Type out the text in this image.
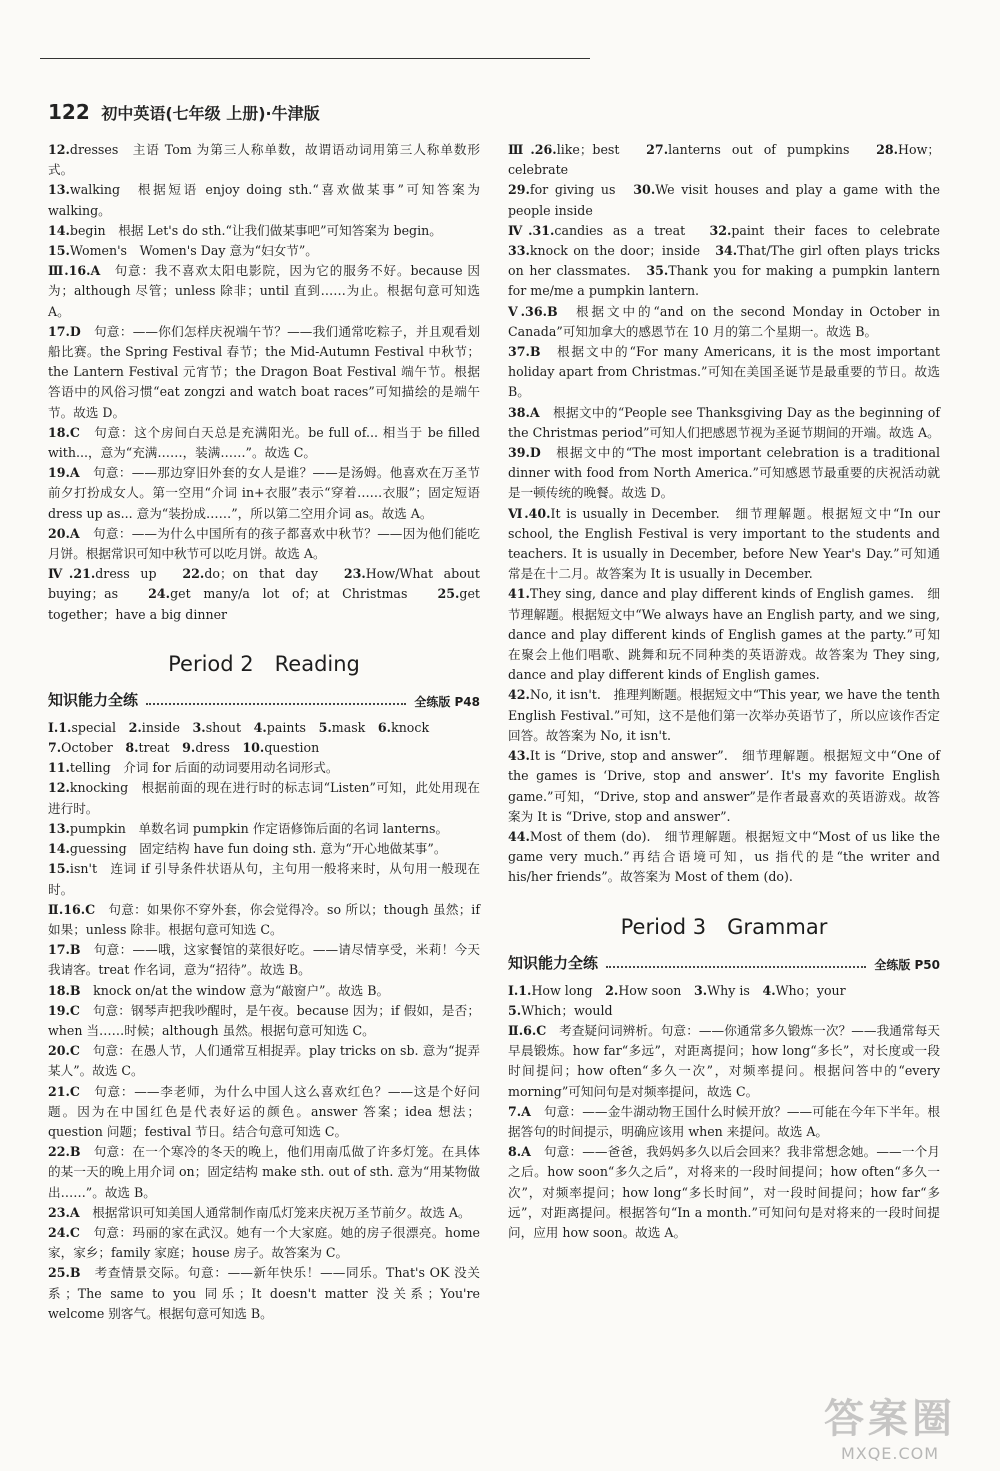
122 初中英语(七年级 上册)·牛津版
12.dresses　主语 Tom 为第三人称单数，故谓语动词用第三人称单数形式。
13.walking　根据短语 enjoy doing sth.“喜欢做某事”可知答案为 walking。
14.begin　根据 Let's do sth.“让我们做某事吧”可知答案为 begin。
15.Women's　Women's Day 意为“妇女节”。
Ⅲ.16.A　句意：我不喜欢太阳电影院，因为它的服务不好。because 因为；although 尽管；unless 除非；until 直到……为止。根据句意可知选 A。
17.D　句意：——你们怎样庆祝端午节？——我们通常吃粽子，并且观看划船比赛。the Spring Festival 春节；the Mid-Autumn Festival 中秋节；the Lantern Festival 元宵节；the Dragon Boat Festival 端午节。根据答语中的风俗习惯“eat zongzi and watch boat races”可知描绘的是端午节。故选 D。
18.C　句意：这个房间白天总是充满阳光。be full of... 相当于 be filled with...，意为“充满……，装满……”。故选 C。
19.A　句意：——那边穿旧外套的女人是谁？——是汤姆。他喜欢在万圣节前夕打扮成女人。第一空用“介词 in+衣服”表示“穿着……衣服”；固定短语 dress up as... 意为“装扮成……”，所以第二空用介词 as。故选 A。
20.A　句意：——为什么中国所有的孩子都喜欢中秋节？——因为他们能吃月饼。根据常识可知中秋节可以吃月饼。故选 A。
Ⅳ.21.dress up　22.do；on that day　23.How/What about buying；as　24.get many/a lot of；at Christmas　25.get together；have a big dinner
Period 2　Reading
知识能力全练	全练版 P48
Ⅰ.1.special　2.inside　3.shout　4.paints　5.mask　6.knock
7.October　8.treat　9.dress　10.question
11.telling　介词 for 后面的动词要用动名词形式。
12.knocking　根据前面的现在进行时的标志词“Listen”可知，此处用现在进行时。
13.pumpkin　单数名词 pumpkin 作定语修饰后面的名词 lanterns。
14.guessing　固定结构 have fun doing sth. 意为“开心地做某事”。
15.isn't　连词 if 引导条件状语从句，主句用一般将来时，从句用一般现在时。
Ⅱ.16.C　句意：如果你不穿外套，你会觉得冷。so 所以；though 虽然；if 如果；unless 除非。根据句意可知选 C。
17.B　句意：——哦，这家餐馆的菜很好吃。——请尽情享受，米莉！今天我请客。treat 作名词，意为“招待”。故选 B。
18.B　knock on/at the window 意为“敲窗户”。故选 B。
19.C　句意：钢琴声把我吵醒时，是午夜。because 因为；if 假如，是否；when 当……时候；although 虽然。根据句意可知选 C。
20.C　句意：在愚人节，人们通常互相捉弄。play tricks on sb. 意为“捉弄某人”。故选 C。
21.C　句意：——李老师，为什么中国人这么喜欢红色？——这是个好问题。因为在中国红色是代表好运的颜色。answer 答案；idea 想法；question 问题；festival 节日。结合句意可知选 C。
22.B　句意：在一个寒冷的冬天的晚上，他们用南瓜做了许多灯笼。在具体的某一天的晚上用介词 on；固定结构 make sth. out of sth. 意为“用某物做出……”。故选 B。
23.A　根据常识可知美国人通常制作南瓜灯笼来庆祝万圣节前夕。故选 A。
24.C　句意：玛丽的家在武汉。她有一个大家庭。她的房子很漂亮。home 家，家乡；family 家庭；house 房子。故答案为 C。
25.B　考查情景交际。句意：——新年快乐！——同乐。That's OK 没关系；The same to you 同乐；It doesn't matter 没关系；You're welcome 别客气。根据句意可知选 B。
Ⅲ.26.like；best　27.lanterns out of pumpkins　28.How；celebrate
29.for giving us　30.We visit houses and play a game with the people inside
Ⅳ.31.candies as a treat　32.paint their faces to celebrate　33.knock on the door；inside　34.That/The girl often plays tricks on her classmates.　35.Thank you for making a pumpkin lantern for me/me a pumpkin lantern.
Ⅴ.36.B　根据文中的“and on the second Monday in October in Canada”可知加拿大的感恩节在 10 月的第二个星期一。故选 B。
37.B　根据文中的“For many Americans, it is the most important holiday apart from Christmas.”可知在美国圣诞节是最重要的节日。故选 B。
38.A　根据文中的“People see Thanksgiving Day as the beginning of the Christmas period”可知人们把感恩节视为圣诞节期间的开端。故选 A。
39.D　根据文中的“The most important celebration is a traditional dinner with food from North America.”可知感恩节最重要的庆祝活动就是一顿传统的晚餐。故选 D。
Ⅵ.40.It is usually in December.　细节理解题。根据短文中“In our school, the English Festival is very important to the students and teachers. It is usually in December, before New Year's Day.”可知通常是在十二月。故答案为 It is usually in December.
41.They sing, dance and play different kinds of English games.　细节理解题。根据短文中“We always have an English party, and we sing, dance and play different kinds of English games at the party.”可知在聚会上他们唱歌、跳舞和玩不同种类的英语游戏。故答案为 They sing, dance and play different kinds of English games.
42.No, it isn't.　推理判断题。根据短文中“This year, we have the tenth English Festival.”可知，这不是他们第一次举办英语节了，所以应该作否定回答。故答案为 No, it isn't.
43.It is “Drive, stop and answer”.　细节理解题。根据短文中“One of the games is ‘Drive, stop and answer’. It's my favorite English game.”可知，“Drive, stop and answer”是作者最喜欢的英语游戏。故答案为 It is “Drive, stop and answer”.
44.Most of them (do).　细节理解题。根据短文中“Most of us like the game very much.”再结合语境可知，us 指代的是“the writer and his/her friends”。故答案为 Most of them (do).
Period 3　Grammar
知识能力全练	全练版 P50
Ⅰ.1.How long　2.How soon　3.Why is　4.Who；your
5.Which；would
Ⅱ.6.C　考查疑问词辨析。句意：——你通常多久锻炼一次？——我通常每天早晨锻炼。how far“多远”，对距离提问；how long“多长”，对长度或一段时间提问；how often“多久一次”，对频率提问。根据问答中的“every morning”可知问句是对频率提问，故选 C。
7.A　句意：——金牛湖动物王国什么时候开放？——可能在今年下半年。根据答句的时间提示，明确应该用 when 来提问。故选 A。
8.A　句意：——爸爸，我妈妈多久以后会回来？我非常想念她。——一个月之后。how soon“多久之后”，对将来的一段时间提问；how often“多久一次”，对频率提问；how long“多长时间”，对一段时间提问；how far“多远”，对距离提问。根据答句“In a month.”可知问句是对将来的一段时间提问，应用 how soon。故选 A。
答案圈
MXQE.COM
